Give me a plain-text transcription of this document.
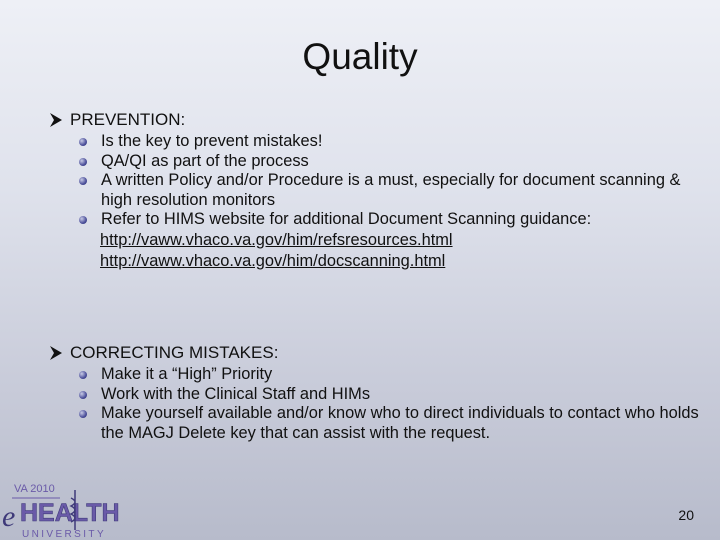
Quality
PREVENTION:
Is the key to prevent mistakes!
QA/QI as part of the process
A written Policy and/or Procedure is a must, especially for document scanning & high resolution monitors
Refer to HIMS website for additional Document Scanning guidance:
http://vaww.vhaco.va.gov/him/refsresources.html
http://vaww.vhaco.va.gov/him/docscanning.html
CORRECTING MISTAKES:
Make it a “High” Priority
Work with the Clinical Staff and HIMs
Make yourself available and/or know who to direct individuals to contact who holds the MAGJ Delete key that can assist with the request.
VA 2010
e HEALTH
UNIVERSITY
20
